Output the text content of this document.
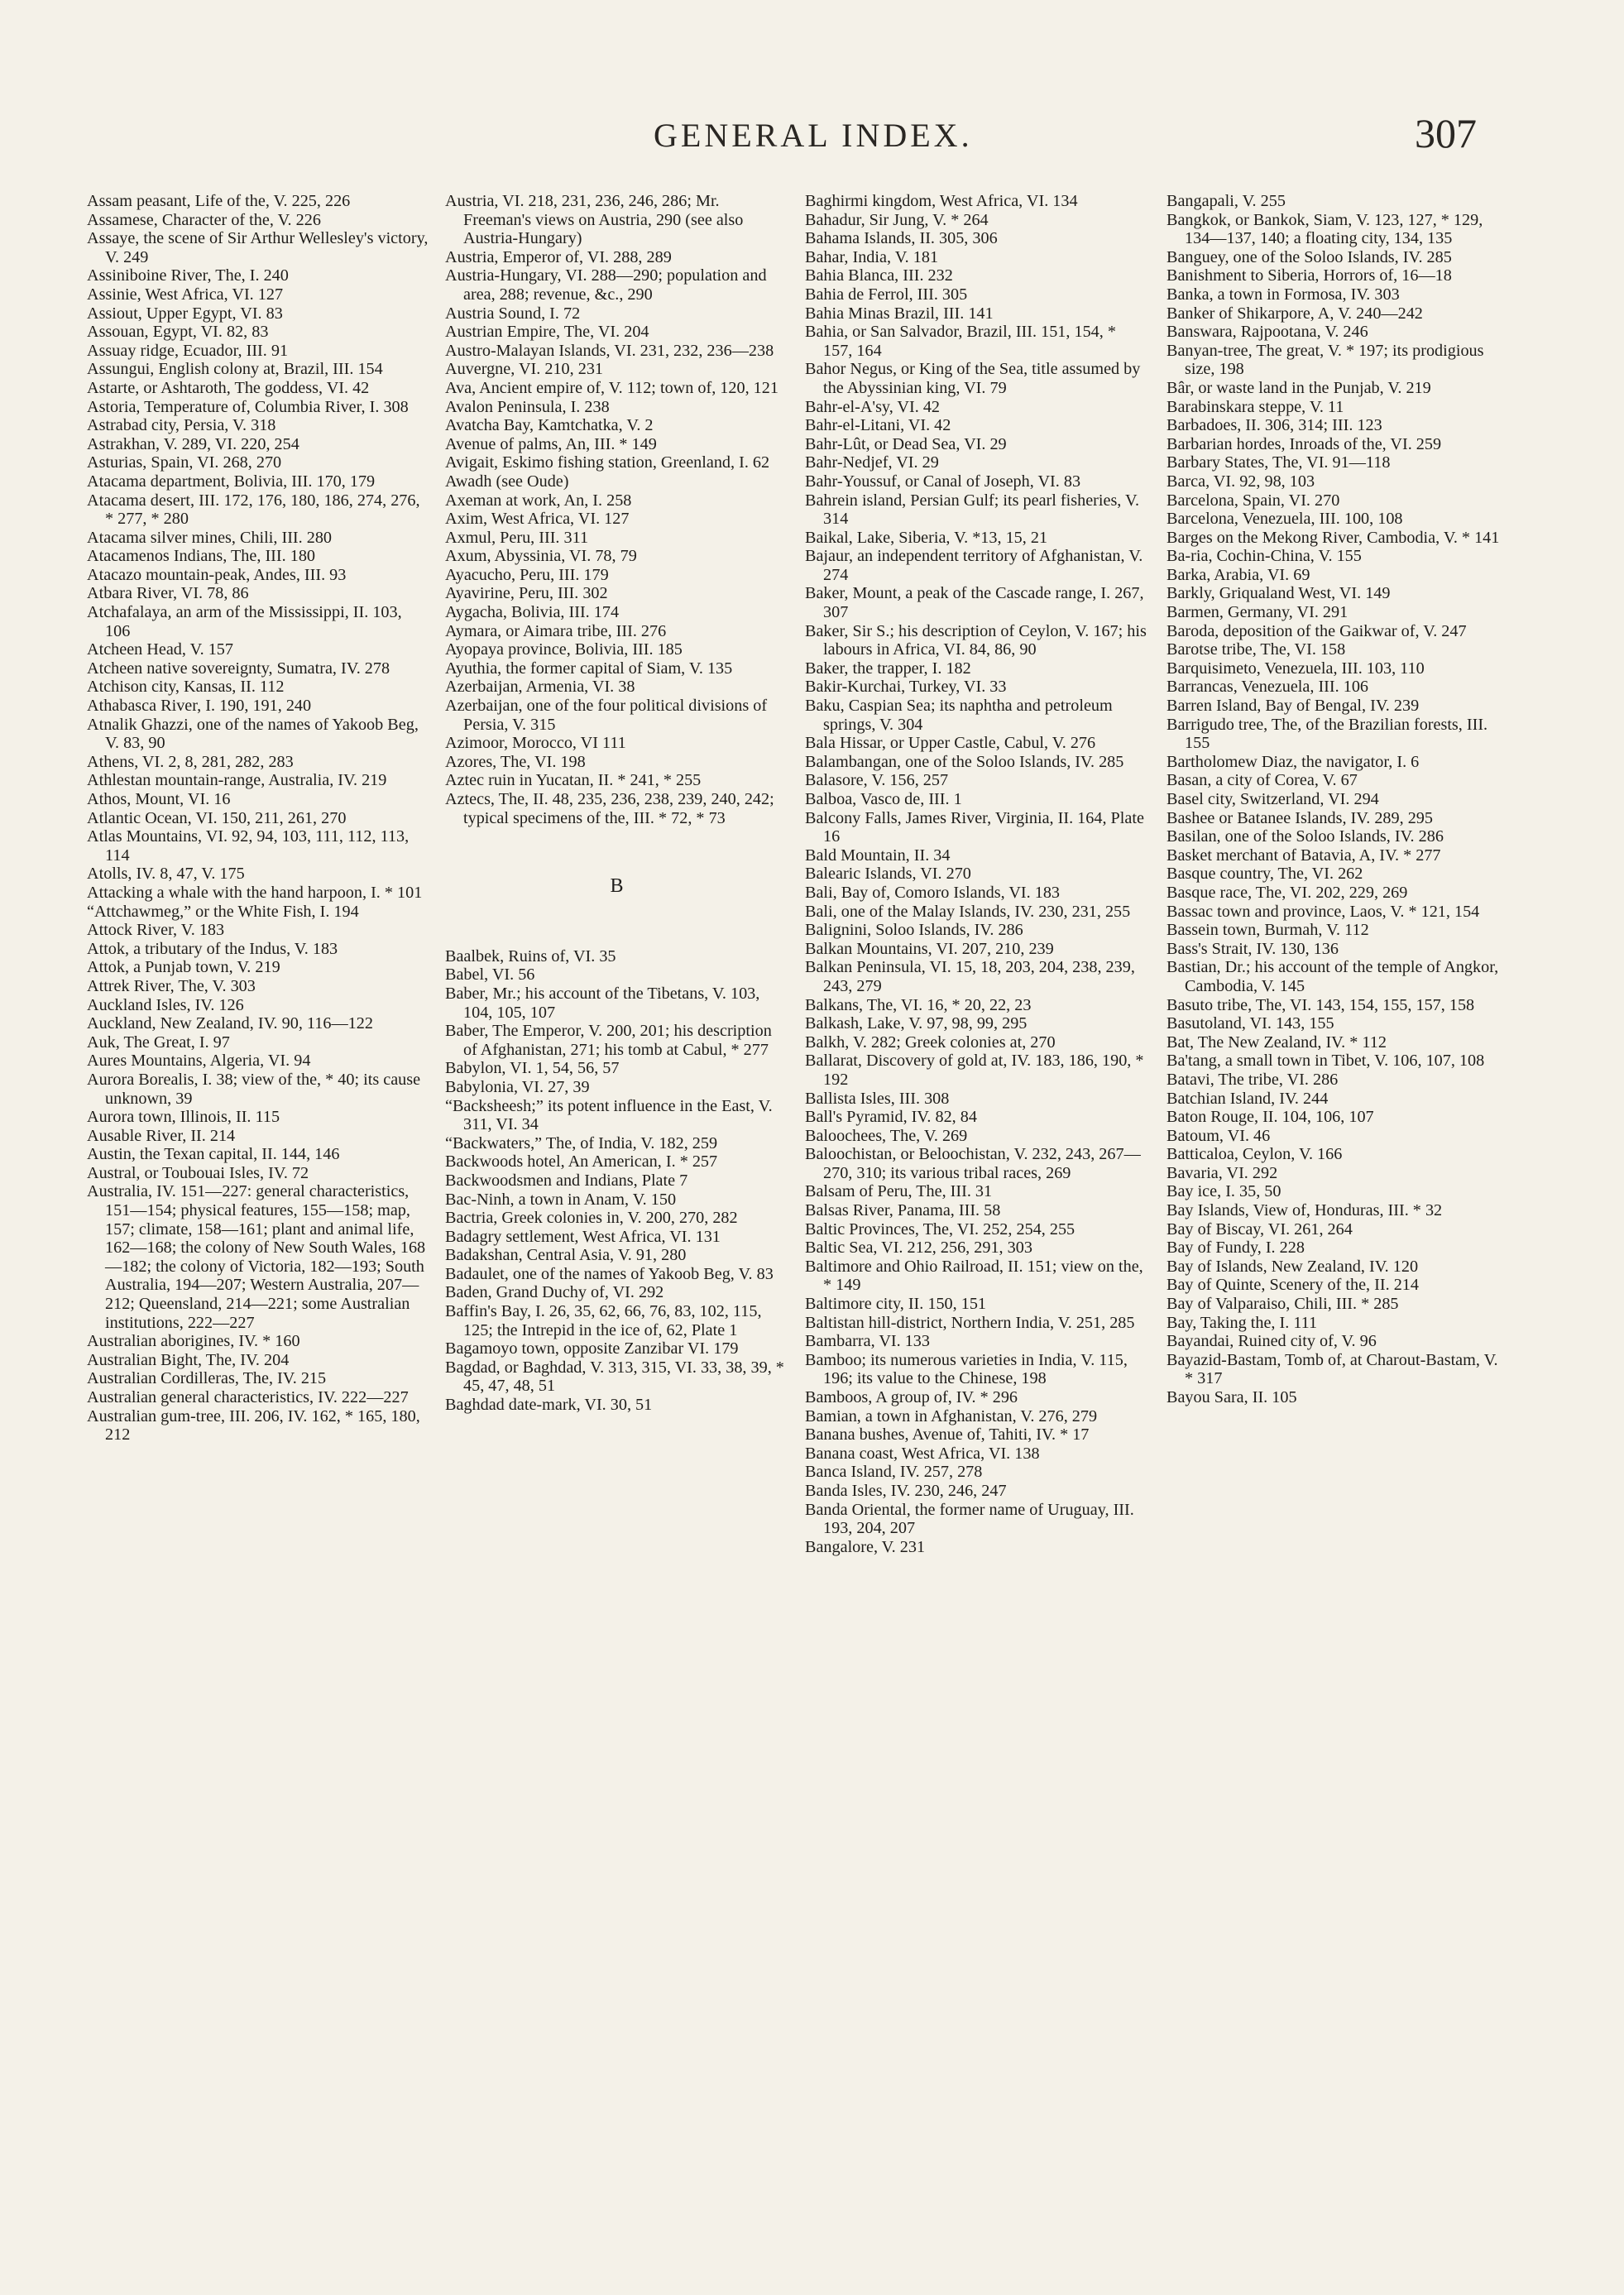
GENERAL INDEX.	307

Assam peasant, Life of the, V. 225, 226

Assamese, Character of the, V. 226

Assaye, the scene of Sir Arthur Wellesley's victory, V. 249

Assiniboine River, The, I. 240

Assinie, West Africa, VI. 127

Assiout, Upper Egypt, VI. 83

Assouan, Egypt, VI. 82, 83

Assuay ridge, Ecuador, III. 91

Assungui, English colony at, Brazil, III. 154

Astarte, or Ashtaroth, The goddess, VI. 42

Astoria, Temperature of, Columbia River, I. 308

Astrabad city, Persia, V. 318

Astrakhan, V. 289, VI. 220, 254

Asturias, Spain, VI. 268, 270

Atacama department, Bolivia, III. 170, 179

Atacama desert, III. 172, 176, 180, 186, 274, 276, * 277, * 280

Atacama silver mines, Chili, III. 280

Atacamenos Indians, The, III. 180

Atacazo mountain-peak, Andes, III. 93

Atbara River, VI. 78, 86

Atchafalaya, an arm of the Mississippi, II. 103, 106

Atcheen Head, V. 157

Atcheen native sovereignty, Sumatra, IV. 278

Atchison city, Kansas, II. 112

Athabasca River, I. 190, 191, 240

Atnalik Ghazzi, one of the names of Yakoob Beg, V. 83, 90

Athens, VI. 2, 8, 281, 282, 283

Athlestan mountain-range, Australia, IV. 219

Athos, Mount, VI. 16

Atlantic Ocean, VI. 150, 211, 261, 270

Atlas Mountains, VI. 92, 94, 103, 111, 112, 113, 114

Atolls, IV. 8, 47, V. 175

Attacking a whale with the hand harpoon, I. * 101

“Attchawmeg,” or the White Fish, I. 194

Attock River, V. 183

Attok, a tributary of the Indus, V. 183

Attok, a Punjab town, V. 219

Attrek River, The, V. 303

Auckland Isles, IV. 126

Auckland, New Zealand, IV. 90, 116—122

Auk, The Great, I. 97

Aures Mountains, Algeria, VI. 94

Aurora Borealis, I. 38; view of the, * 40; its cause unknown, 39

Aurora town, Illinois, II. 115

Ausable River, II. 214

Austin, the Texan capital, II. 144, 146

Austral, or Toubouai Isles, IV. 72

Australia, IV. 151—227: general characteristics, 151—154; physical features, 155—158; map, 157; climate, 158—161; plant and animal life, 162—168; the colony of New South Wales, 168—182; the colony of Victoria, 182—193; South Australia, 194—207; Western Australia, 207—212; Queensland, 214—221; some Australian institutions, 222—227

Australian aborigines, IV. * 160

Australian Bight, The, IV. 204

Australian Cordilleras, The, IV. 215

Australian general characteristics, IV. 222—227

Australian gum-tree, III. 206, IV. 162, * 165, 180, 212

Austria, VI. 218, 231, 236, 246, 286; Mr. Freeman's views on Austria, 290 (see also Austria-Hungary)

Austria, Emperor of, VI. 288, 289

Austria-Hungary, VI. 288—290; population and area, 288; revenue, &c., 290

Austria Sound, I. 72

Austrian Empire, The, VI. 204

Austro-Malayan Islands, VI. 231, 232, 236—238

Auvergne, VI. 210, 231

Ava, Ancient empire of, V. 112; town of, 120, 121

Avalon Peninsula, I. 238

Avatcha Bay, Kamtchatka, V. 2

Avenue of palms, An, III. * 149

Avigait, Eskimo fishing station, Greenland, I. 62

Awadh (see Oude)

Axeman at work, An, I. 258

Axim, West Africa, VI. 127

Axmul, Peru, III. 311

Axum, Abyssinia, VI. 78, 79

Ayacucho, Peru, III. 179

Ayavirine, Peru, III. 302

Aygacha, Bolivia, III. 174

Aymara, or Aimara tribe, III. 276

Ayopaya province, Bolivia, III. 185

Ayuthia, the former capital of Siam, V. 135

Azerbaijan, Armenia, VI. 38

Azerbaijan, one of the four political divisions of Persia, V. 315

Azimoor, Morocco, VI 111

Azores, The, VI. 198

Aztec ruin in Yucatan, II. * 241, * 255

Aztecs, The, II. 48, 235, 236, 238, 239, 240, 242; typical specimens of the, III. * 72, * 73

B

Baalbek, Ruins of, VI. 35

Babel, VI. 56

Baber, Mr.; his account of the Tibetans, V. 103, 104, 105, 107

Baber, The Emperor, V. 200, 201; his description of Afghanistan, 271; his tomb at Cabul, * 277

Babylon, VI. 1, 54, 56, 57

Babylonia, VI. 27, 39

“Backsheesh;” its potent influence in the East, V. 311, VI. 34

“Backwaters,” The, of India, V. 182, 259

Backwoods hotel, An American, I. * 257

Backwoodsmen and Indians, Plate 7

Bac-Ninh, a town in Anam, V. 150

Bactria, Greek colonies in, V. 200, 270, 282

Badagry settlement, West Africa, VI. 131

Badakshan, Central Asia, V. 91, 280

Badaulet, one of the names of Yakoob Beg, V. 83

Baden, Grand Duchy of, VI. 292

Baffin's Bay, I. 26, 35, 62, 66, 76, 83, 102, 115, 125; the Intrepid in the ice of, 62, Plate 1

Bagamoyo town, opposite Zanzibar VI. 179

Bagdad, or Baghdad, V. 313, 315, VI. 33, 38, 39, * 45, 47, 48, 51

Baghdad date-mark, VI. 30, 51

Baghirmi kingdom, West Africa, VI. 134

Bahadur, Sir Jung, V. * 264

Bahama Islands, II. 305, 306

Bahar, India, V. 181

Bahia Blanca, III. 232

Bahia de Ferrol, III. 305

Bahia Minas Brazil, III. 141

Bahia, or San Salvador, Brazil, III. 151, 154, * 157, 164

Bahor Negus, or King of the Sea, title assumed by the Abyssinian king, VI. 79

Bahr-el-A'sy, VI. 42

Bahr-el-Litani, VI. 42

Bahr-Lût, or Dead Sea, VI. 29

Bahr-Nedjef, VI. 29

Bahr-Youssuf, or Canal of Joseph, VI. 83

Bahrein island, Persian Gulf; its pearl fisheries, V. 314

Baikal, Lake, Siberia, V. *13, 15, 21

Bajaur, an independent territory of Afghanistan, V. 274

Baker, Mount, a peak of the Cascade range, I. 267, 307

Baker, Sir S.; his description of Ceylon, V. 167; his labours in Africa, VI. 84, 86, 90

Baker, the trapper, I. 182

Bakir-Kurchai, Turkey, VI. 33

Baku, Caspian Sea; its naphtha and petroleum springs, V. 304

Bala Hissar, or Upper Castle, Cabul, V. 276

Balambangan, one of the Soloo Islands, IV. 285

Balasore, V. 156, 257

Balboa, Vasco de, III. 1

Balcony Falls, James River, Virginia, II. 164, Plate 16

Bald Mountain, II. 34

Balearic Islands, VI. 270

Bali, Bay of, Comoro Islands, VI. 183

Bali, one of the Malay Islands, IV. 230, 231, 255

Balignini, Soloo Islands, IV. 286

Balkan Mountains, VI. 207, 210, 239

Balkan Peninsula, VI. 15, 18, 203, 204, 238, 239, 243, 279

Balkans, The, VI. 16, * 20, 22, 23

Balkash, Lake, V. 97, 98, 99, 295

Balkh, V. 282; Greek colonies at, 270

Ballarat, Discovery of gold at, IV. 183, 186, 190, * 192

Ballista Isles, III. 308

Ball's Pyramid, IV. 82, 84

Baloochees, The, V. 269

Baloochistan, or Beloochistan, V. 232, 243, 267—270, 310; its various tribal races, 269

Balsam of Peru, The, III. 31

Balsas River, Panama, III. 58

Baltic Provinces, The, VI. 252, 254, 255

Baltic Sea, VI. 212, 256, 291, 303

Baltimore and Ohio Railroad, II. 151; view on the, * 149

Baltimore city, II. 150, 151

Baltistan hill-district, Northern India, V. 251, 285

Bambarra, VI. 133

Bamboo; its numerous varieties in India, V. 115, 196; its value to the Chinese, 198

Bamboos, A group of, IV. * 296

Bamian, a town in Afghanistan, V. 276, 279

Banana bushes, Avenue of, Tahiti, IV. * 17

Banana coast, West Africa, VI. 138

Banca Island, IV. 257, 278

Banda Isles, IV. 230, 246, 247

Banda Oriental, the former name of Uruguay, III. 193, 204, 207

Bangalore, V. 231

Bangapali, V. 255

Bangkok, or Bankok, Siam, V. 123, 127, * 129, 134—137, 140; a floating city, 134, 135

Banguey, one of the Soloo Islands, IV. 285

Banishment to Siberia, Horrors of, 16—18

Banka, a town in Formosa, IV. 303

Banker of Shikarpore, A, V. 240—242

Banswara, Rajpootana, V. 246

Banyan-tree, The great, V. * 197; its prodigious size, 198

Bâr, or waste land in the Punjab, V. 219

Barabinskara steppe, V. 11

Barbadoes, II. 306, 314; III. 123

Barbarian hordes, Inroads of the, VI. 259

Barbary States, The, VI. 91—118

Barca, VI. 92, 98, 103

Barcelona, Spain, VI. 270

Barcelona, Venezuela, III. 100, 108

Barges on the Mekong River, Cambodia, V. * 141

Ba-ria, Cochin-China, V. 155

Barka, Arabia, VI. 69

Barkly, Griqualand West, VI. 149

Barmen, Germany, VI. 291

Baroda, deposition of the Gaikwar of, V. 247

Barotse tribe, The, VI. 158

Barquisimeto, Venezuela, III. 103, 110

Barrancas, Venezuela, III. 106

Barren Island, Bay of Bengal, IV. 239

Barrigudo tree, The, of the Brazilian forests, III. 155

Bartholomew Diaz, the navigator, I. 6

Basan, a city of Corea, V. 67

Basel city, Switzerland, VI. 294

Bashee or Batanee Islands, IV. 289, 295

Basilan, one of the Soloo Islands, IV. 286

Basket merchant of Batavia, A, IV. * 277

Basque country, The, VI. 262

Basque race, The, VI. 202, 229, 269

Bassac town and province, Laos, V. * 121, 154

Bassein town, Burmah, V. 112

Bass's Strait, IV. 130, 136

Bastian, Dr.; his account of the temple of Angkor, Cambodia, V. 145

Basuto tribe, The, VI. 143, 154, 155, 157, 158

Basutoland, VI. 143, 155

Bat, The New Zealand, IV. * 112

Ba'tang, a small town in Tibet, V. 106, 107, 108

Batavi, The tribe, VI. 286

Batchian Island, IV. 244

Baton Rouge, II. 104, 106, 107

Batoum, VI. 46

Batticaloa, Ceylon, V. 166

Bavaria, VI. 292

Bay ice, I. 35, 50

Bay Islands, View of, Honduras, III. * 32

Bay of Biscay, VI. 261, 264

Bay of Fundy, I. 228

Bay of Islands, New Zealand, IV. 120

Bay of Quinte, Scenery of the, II. 214

Bay of Valparaiso, Chili, III. * 285

Bay, Taking the, I. 111

Bayandai, Ruined city of, V. 96

Bayazid-Bastam, Tomb of, at Charout-Bastam, V. * 317

Bayou Sara, II. 105
